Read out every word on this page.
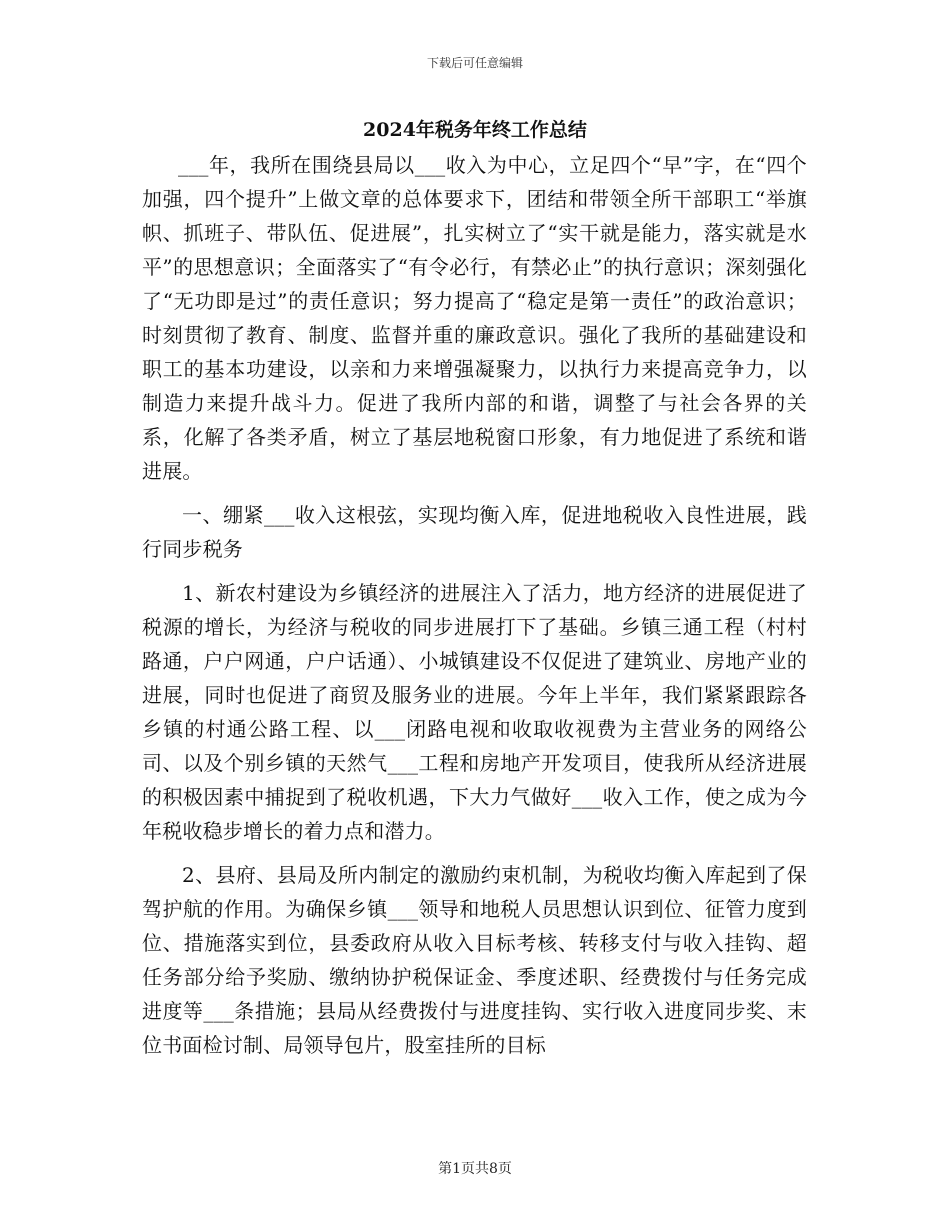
下载后可任意编辑
2024年税务年终工作总结

___年，我所在围绕县局以___收入为中心，立足四个“早”字，在“四个加强，四个提升”上做文章的总体要求下，团结和带领全所干部职工“举旗帜、抓班子、带队伍、促进展”，扎实树立了“实干就是能力，落实就是水平”的思想意识；全面落实了“有令必行，有禁必止”的执行意识；深刻强化了“无功即是过”的责任意识；努力提高了“稳定是第一责任”的政治意识；时刻贯彻了教育、制度、监督并重的廉政意识。强化了我所的基础建设和职工的基本功建设，以亲和力来增强凝聚力，以执行力来提高竞争力，以制造力来提升战斗力。促进了我所内部的和谐，调整了与社会各界的关系，化解了各类矛盾，树立了基层地税窗口形象，有力地促进了系统和谐进展。

一、绷紧___收入这根弦，实现均衡入库，促进地税收入良性进展，践行同步税务

1、新农村建设为乡镇经济的进展注入了活力，地方经济的进展促进了税源的增长，为经济与税收的同步进展打下了基础。乡镇三通工程（村村路通，户户网通，户户话通）、小城镇建设不仅促进了建筑业、房地产业的进展，同时也促进了商贸及服务业的进展。今年上半年，我们紧紧跟踪各乡镇的村通公路工程、以___闭路电视和收取收视费为主营业务的网络公司、以及个别乡镇的天然气___工程和房地产开发项目，使我所从经济进展的积极因素中捕捉到了税收机遇，下大力气做好___收入工作，使之成为今年税收稳步增长的着力点和潜力。

2、县府、县局及所内制定的激励约束机制，为税收均衡入库起到了保驾护航的作用。为确保乡镇___领导和地税人员思想认识到位、征管力度到位、措施落实到位，县委政府从收入目标考核、转移支付与收入挂钩、超任务部分给予奖励、缴纳协护税保证金、季度述职、经费拨付与任务完成进度等___条措施；县局从经费拨付与进度挂钩、实行收入进度同步奖、末位书面检讨制、局领导包片，股室挂所的目标

第1页共8页
